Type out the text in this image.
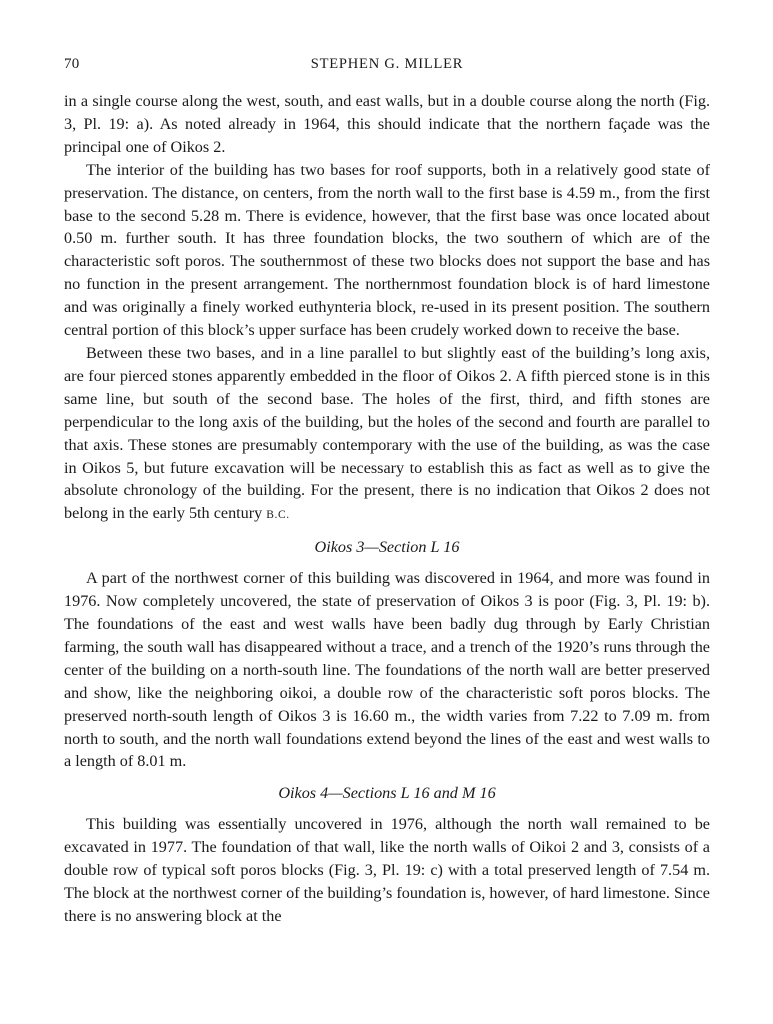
70	STEPHEN G. MILLER

in a single course along the west, south, and east walls, but in a double course along the north (Fig. 3, Pl. 19: a). As noted already in 1964, this should indicate that the northern façade was the principal one of Oikos 2.

The interior of the building has two bases for roof supports, both in a relatively good state of preservation. The distance, on centers, from the north wall to the first base is 4.59 m., from the first base to the second 5.28 m. There is evidence, however, that the first base was once located about 0.50 m. further south. It has three foundation blocks, the two southern of which are of the characteristic soft poros. The southernmost of these two blocks does not support the base and has no function in the present arrangement. The northernmost foundation block is of hard limestone and was originally a finely worked euthynteria block, re-used in its present position. The southern central portion of this block’s upper surface has been crudely worked down to receive the base.

Between these two bases, and in a line parallel to but slightly east of the building’s long axis, are four pierced stones apparently embedded in the floor of Oikos 2. A fifth pierced stone is in this same line, but south of the second base. The holes of the first, third, and fifth stones are perpendicular to the long axis of the building, but the holes of the second and fourth are parallel to that axis. These stones are presumably contemporary with the use of the building, as was the case in Oikos 5, but future excavation will be necessary to establish this as fact as well as to give the absolute chronology of the building. For the present, there is no indication that Oikos 2 does not belong in the early 5th century B.C.

Oikos 3—Section L 16

A part of the northwest corner of this building was discovered in 1964, and more was found in 1976. Now completely uncovered, the state of preservation of Oikos 3 is poor (Fig. 3, Pl. 19: b). The foundations of the east and west walls have been badly dug through by Early Christian farming, the south wall has disappeared without a trace, and a trench of the 1920’s runs through the center of the building on a north-south line. The foundations of the north wall are better preserved and show, like the neighboring oikoi, a double row of the characteristic soft poros blocks. The preserved north-south length of Oikos 3 is 16.60 m., the width varies from 7.22 to 7.09 m. from north to south, and the north wall foundations extend beyond the lines of the east and west walls to a length of 8.01 m.

Oikos 4—Sections L 16 and M 16

This building was essentially uncovered in 1976, although the north wall remained to be excavated in 1977. The foundation of that wall, like the north walls of Oikoi 2 and 3, consists of a double row of typical soft poros blocks (Fig. 3, Pl. 19: c) with a total preserved length of 7.54 m. The block at the northwest corner of the building’s foundation is, however, of hard limestone. Since there is no answering block at the
